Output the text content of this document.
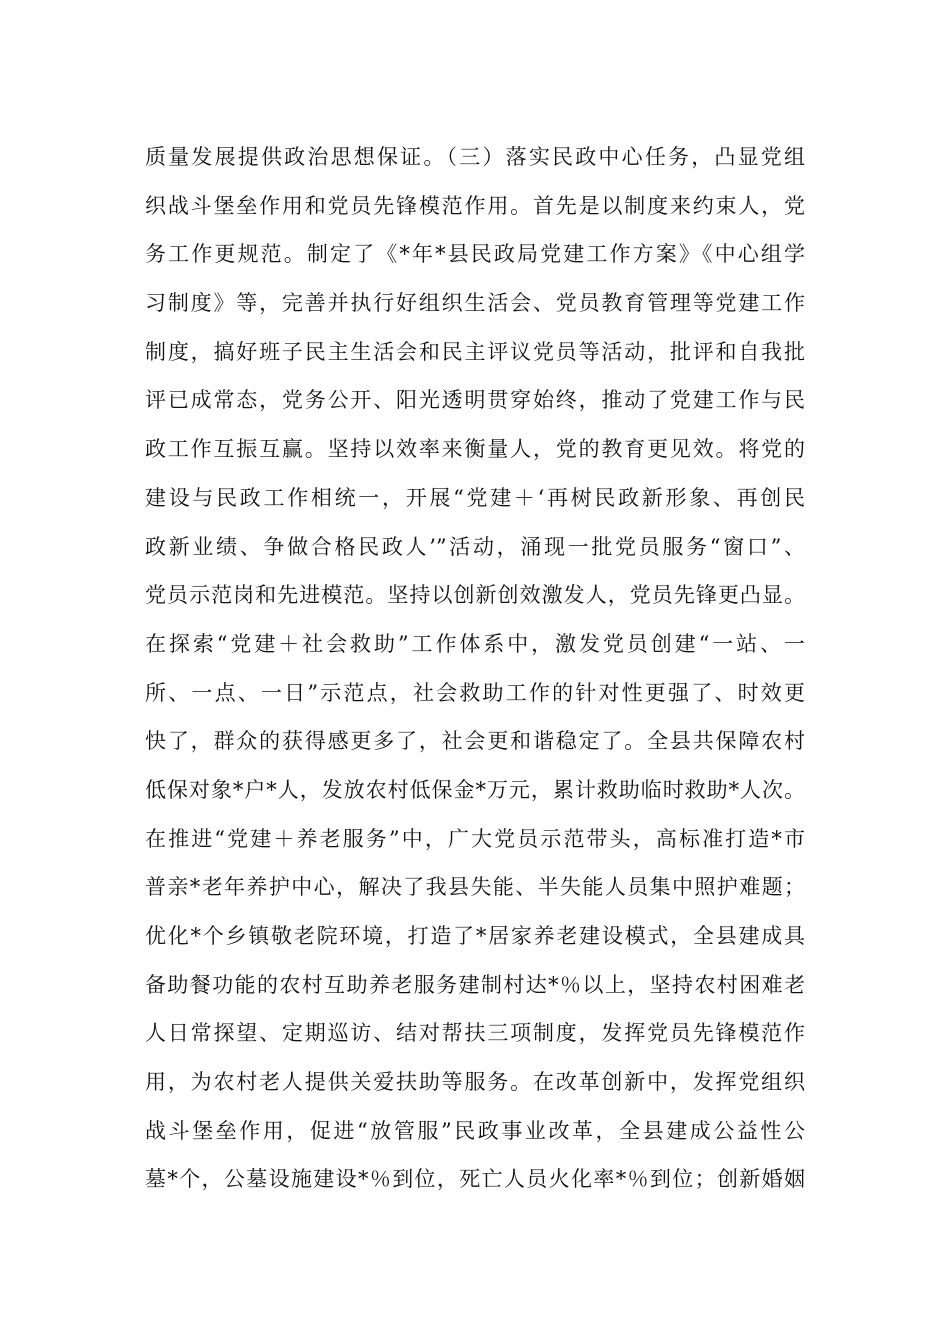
质量发展提供政治思想保证。（三）落实民政中心任务，凸显党组
织战斗堡垒作用和党员先锋模范作用。首先是以制度来约束人，党
务工作更规范。制定了《*年*县民政局党建工作方案》《中心组学
习制度》等，完善并执行好组织生活会、党员教育管理等党建工作
制度，搞好班子民主生活会和民主评议党员等活动，批评和自我批
评已成常态，党务公开、阳光透明贯穿始终，推动了党建工作与民
政工作互振互赢。坚持以效率来衡量人，党的教育更见效。将党的
建设与民政工作相统一，开展“党建＋‘再树民政新形象、再创民
政新业绩、争做合格民政人’”活动，涌现一批党员服务“窗口”、
党员示范岗和先进模范。坚持以创新创效激发人，党员先锋更凸显。
在探索“党建＋社会救助”工作体系中，激发党员创建“一站、一
所、一点、一日”示范点，社会救助工作的针对性更强了、时效更
快了，群众的获得感更多了，社会更和谐稳定了。全县共保障农村
低保对象*户*人，发放农村低保金*万元，累计救助临时救助*人次。
在推进“党建＋养老服务”中，广大党员示范带头，高标准打造*市
普亲*老年养护中心，解决了我县失能、半失能人员集中照护难题；
优化*个乡镇敬老院环境，打造了*居家养老建设模式，全县建成具
备助餐功能的农村互助养老服务建制村达*％以上，坚持农村困难老
人日常探望、定期巡访、结对帮扶三项制度，发挥党员先锋模范作
用，为农村老人提供关爱扶助等服务。在改革创新中，发挥党组织
战斗堡垒作用，促进“放管服”民政事业改革，全县建成公益性公
墓*个，公墓设施建设*％到位，死亡人员火化率*％到位；创新婚姻
